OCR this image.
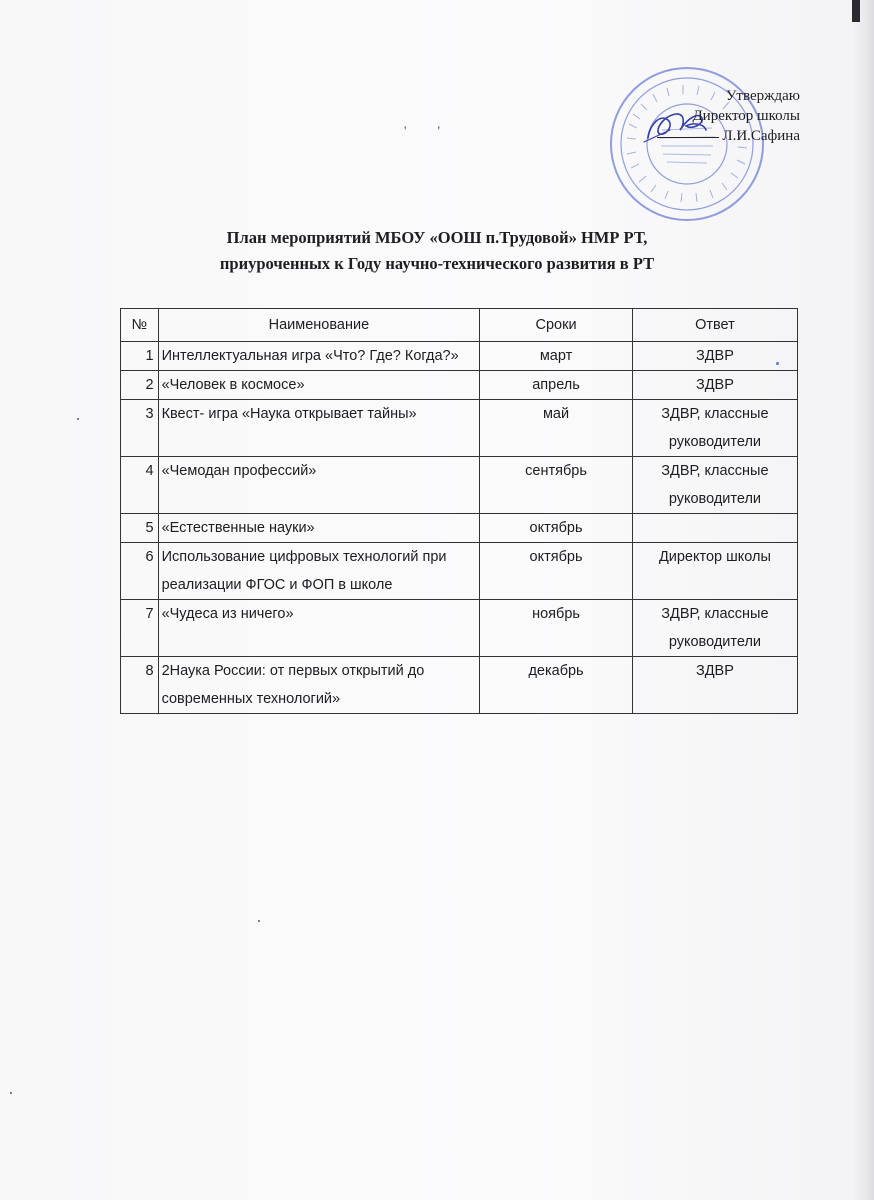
Утверждаю
Директор школы
Л.И.Сафина
' '
План мероприятий МБОУ «ООШ п.Трудовой» НМР РТ,
приуроченных к Году научно-технического развития в РТ
№	Наименование	Сроки	Ответ
1	Интеллектуальная игра «Что? Где? Когда?»	март	ЗДВР
2	«Человек в космосе»	апрель	ЗДВР
3	Квест- игра «Наука открывает тайны»	май	ЗДВР, классные руководители
4	«Чемодан профессий»	сентябрь	ЗДВР, классные руководители
5	«Естественные науки»	октябрь	
6	Использование цифровых технологий при реализации ФГОС и ФОП в школе	октябрь	Директор школы
7	«Чудеса из ничего»	ноябрь	ЗДВР, классные руководители
8	2Наука России: от первых открытий до современных технологий»	декабрь	ЗДВР
